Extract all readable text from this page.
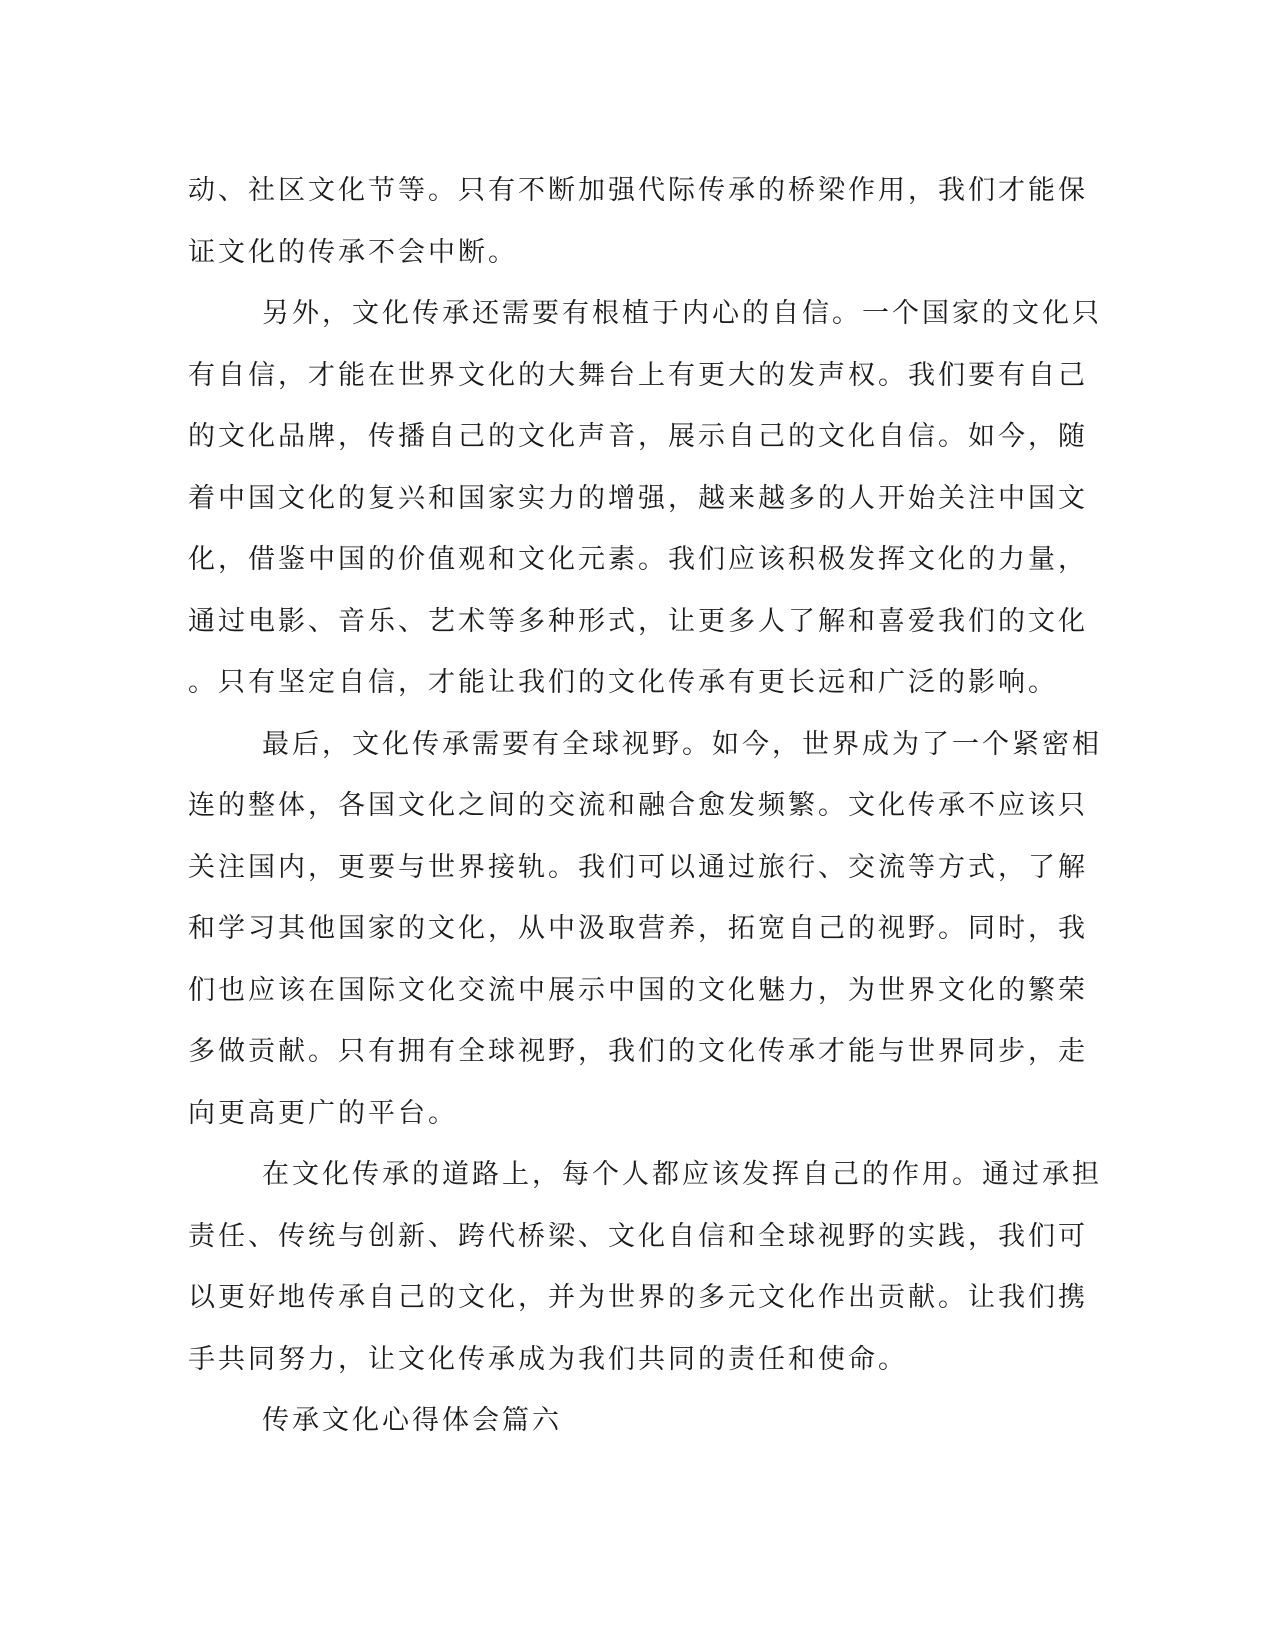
动、社区文化节等。只有不断加强代际传承的桥梁作用，我们才能保
证文化的传承不会中断。
另外，文化传承还需要有根植于内心的自信。一个国家的文化只
有自信，才能在世界文化的大舞台上有更大的发声权。我们要有自己
的文化品牌，传播自己的文化声音，展示自己的文化自信。如今，随
着中国文化的复兴和国家实力的增强，越来越多的人开始关注中国文
化，借鉴中国的价值观和文化元素。我们应该积极发挥文化的力量，
通过电影、音乐、艺术等多种形式，让更多人了解和喜爱我们的文化
。只有坚定自信，才能让我们的文化传承有更长远和广泛的影响。
最后，文化传承需要有全球视野。如今，世界成为了一个紧密相
连的整体，各国文化之间的交流和融合愈发频繁。文化传承不应该只
关注国内，更要与世界接轨。我们可以通过旅行、交流等方式，了解
和学习其他国家的文化，从中汲取营养，拓宽自己的视野。同时，我
们也应该在国际文化交流中展示中国的文化魅力，为世界文化的繁荣
多做贡献。只有拥有全球视野，我们的文化传承才能与世界同步，走
向更高更广的平台。
在文化传承的道路上，每个人都应该发挥自己的作用。通过承担
责任、传统与创新、跨代桥梁、文化自信和全球视野的实践，我们可
以更好地传承自己的文化，并为世界的多元文化作出贡献。让我们携
手共同努力，让文化传承成为我们共同的责任和使命。
传承文化心得体会篇六
